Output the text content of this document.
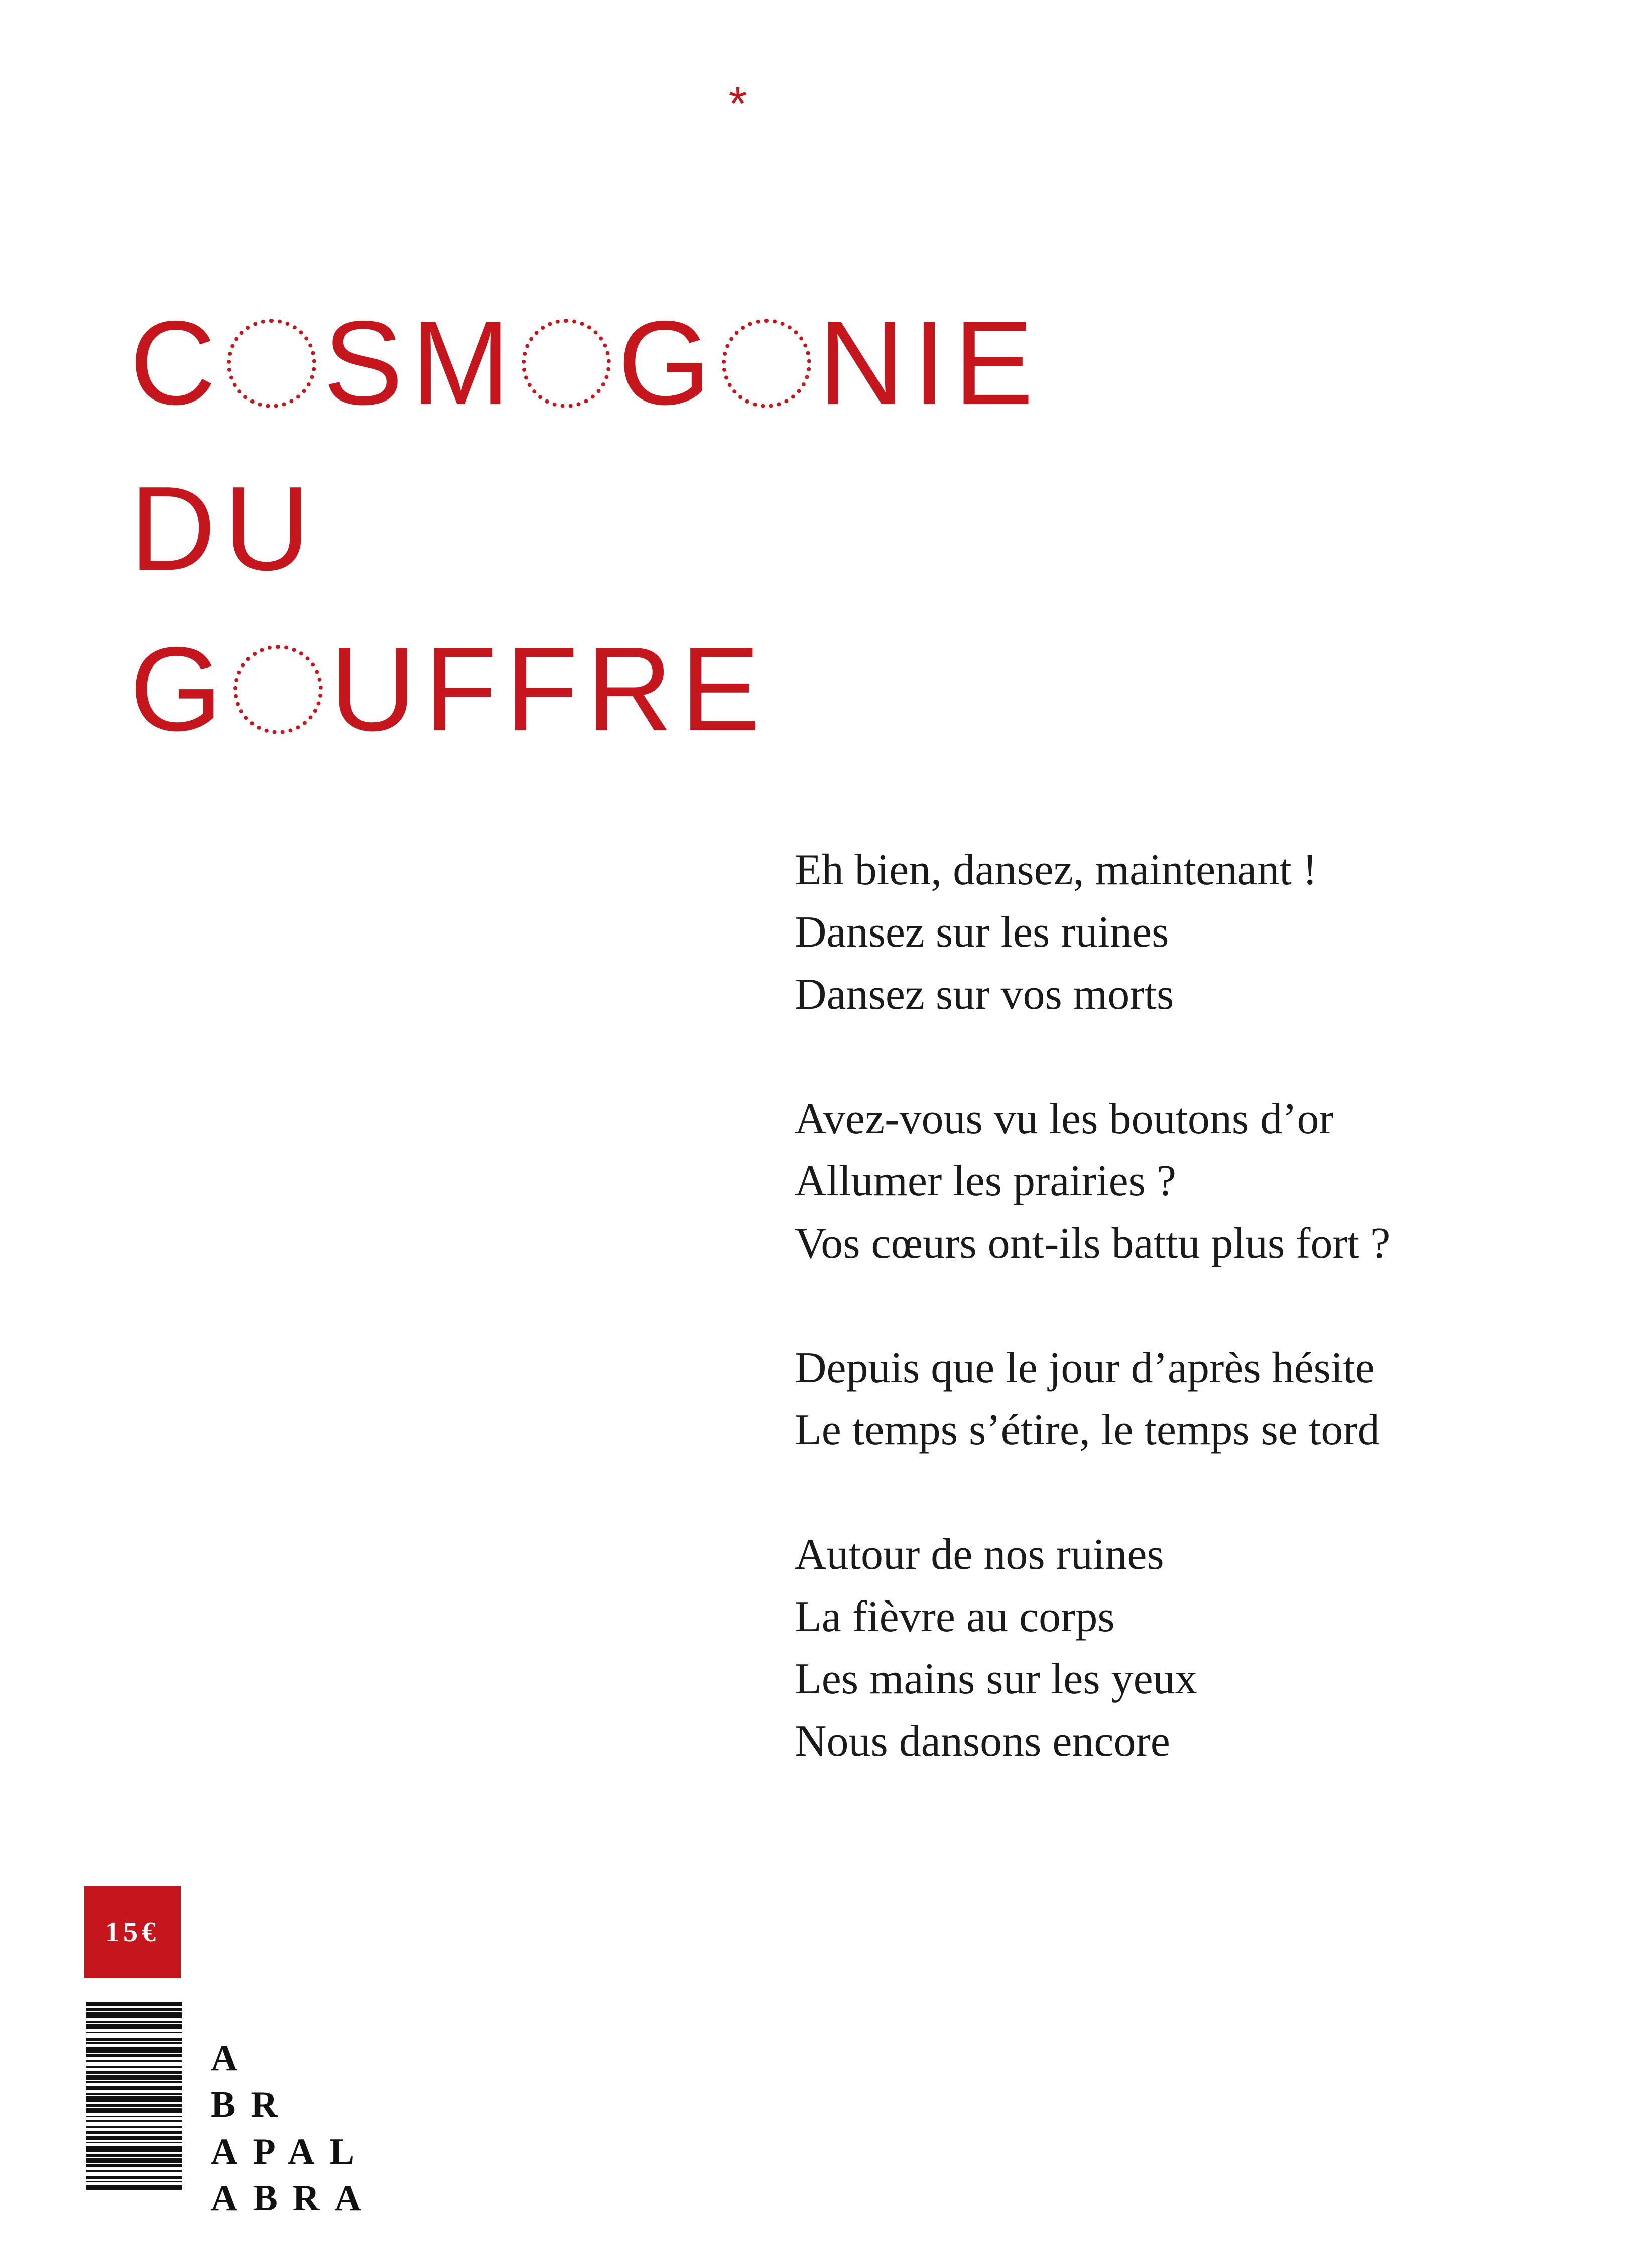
*
C SM G NIE
DU
G UFFRE
Eh bien, dansez, maintenant !
Dansez sur les ruines
Dansez sur vos morts
Avez-vous vu les boutons d’or
Allumer les prairies ?
Vos cœurs ont-ils battu plus fort ?
Depuis que le jour d’après hésite
Le temps s’étire, le temps se tord
Autour de nos ruines
La fièvre au corps
Les mains sur les yeux
Nous dansons encore
15€
A
BR
APAL
ABRA
